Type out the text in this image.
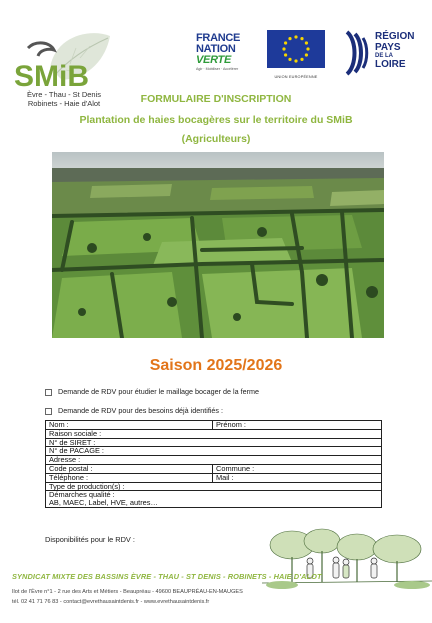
SMiB
Èvre - Thau - St Denis
Robinets - Haie d'Alot
FRANCE
NATION
VERTE
Agir · Mobiliser · Accélérer
UNION EUROPÉENNE
RÉGION
PAYS
DE LA
LOIRE
FORMULAIRE D'INSCRIPTION
Plantation de haies bocagères sur le territoire du SMiB
(Agriculteurs)
Saison 2025/2026
Demande de RDV pour étudier le maillage bocager de la ferme
Demande de RDV pour des besoins déjà identifiés :
Nom :	Prénom :
Raison sociale :	
N° de SIRET :	
N° de PACAGE :	
Adresse :	
Code postal :	Commune :
Téléphone :	Mail :
Type de production(s) :	
Démarches qualité :	
AB, MAEC, Label, HVE, autres…	
Disponibilités pour le RDV :
SYNDICAT MIXTE DES BASSINS ÈVRE - THAU - ST DENIS - ROBINETS - HAIE D'ALOT
Ilot de l'Èvre n°1 - 2 rue des Arts et Métiers - Beaupréau - 49600 BEAUPRÉAU-EN-MAUGES
tél. 02 41 71 76 83 - contact@evrethausaintdenis.fr - www.evrethausaintdenis.fr
